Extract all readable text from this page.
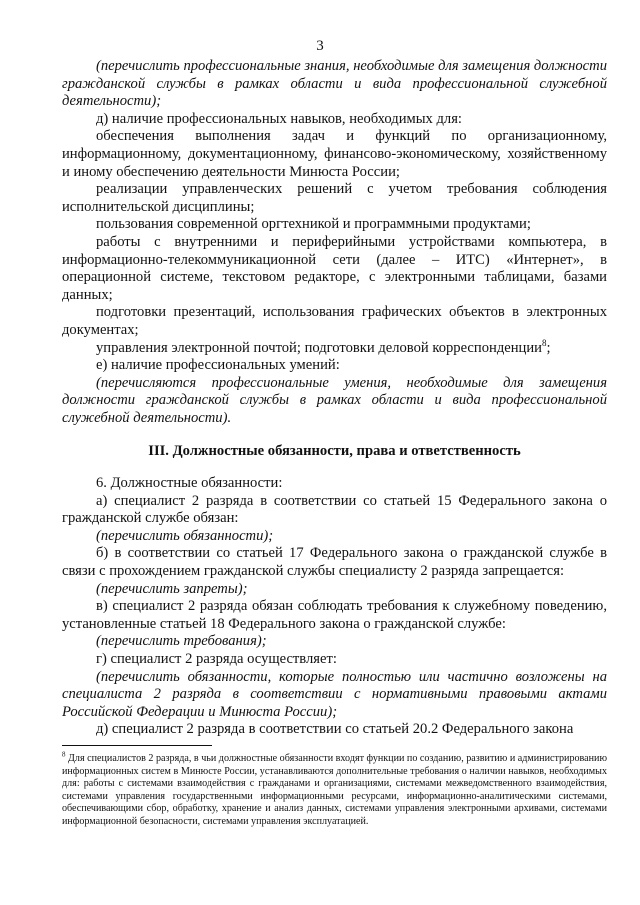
3

(перечислить профессиональные знания, необходимые для замещения должности гражданской службы в рамках области и вида профессиональной служебной деятельности);

д) наличие профессиональных навыков, необходимых для:

обеспечения выполнения задач и функций по организационному, информационному, документационному, финансово-экономическому, хозяйственному и иному обеспечению деятельности Минюста России;

реализации управленческих решений с учетом требования соблюдения исполнительской дисциплины;

пользования современной оргтехникой и программными продуктами;

работы с внутренними и периферийными устройствами компьютера, в информационно-телекоммуникационной сети (далее – ИТС) «Интернет», в операционной системе, текстовом редакторе, с электронными таблицами, базами данных;

подготовки презентаций, использования графических объектов в электронных документах;

управления электронной почтой; подготовки деловой корреспонденции$^8$;

е) наличие профессиональных умений:

(перечисляются профессиональные умения, необходимые для замещения должности гражданской службы в рамках области и вида профессиональной служебной деятельности).

III. Должностные обязанности, права и ответственность

6. Должностные обязанности:

а) специалист 2 разряда в соответствии со статьей 15 Федерального закона о гражданской службе обязан:

(перечислить обязанности);

б) в соответствии со статьей 17 Федерального закона о гражданской службе в связи с прохождением гражданской службы специалисту 2 разряда запрещается:

(перечислить запреты);

в) специалист 2 разряда обязан соблюдать требования к служебному поведению, установленные статьей 18 Федерального закона о гражданской службе:

(перечислить требования);

г) специалист 2 разряда осуществляет:

(перечислить обязанности, которые полностью или частично возложены на специалиста 2 разряда в соответствии с нормативными правовыми актами Российской Федерации и Минюста России);

д) специалист 2 разряда в соответствии со статьей 20.2 Федерального закона

$^8$ Для специалистов 2 разряда, в чьи должностные обязанности входят функции по созданию, развитию и администрированию информационных систем в Минюсте России, устанавливаются дополнительные требования о наличии навыков, необходимых для: работы с системами взаимодействия с гражданами и организациями, системами межведомственного взаимодействия, системами управления государственными информационными ресурсами, информационно-аналитическими системами, обеспечивающими сбор, обработку, хранение и анализ данных, системами управления электронными архивами, системами информационной безопасности, системами управления эксплуатацией.
